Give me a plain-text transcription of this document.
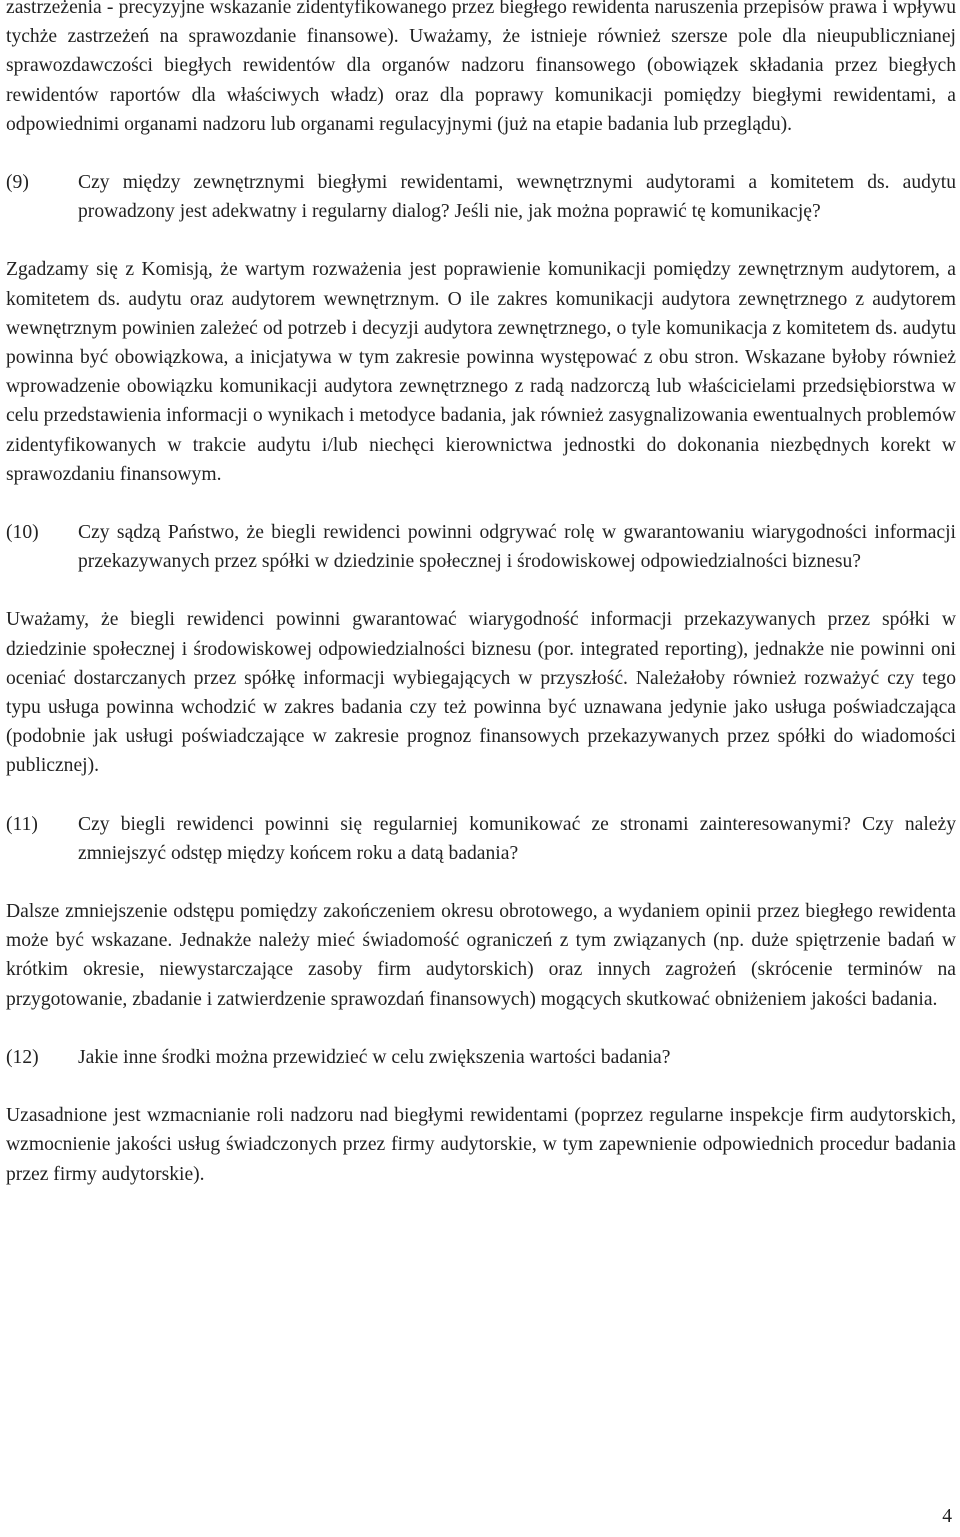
zastrzeżenia - precyzyjne wskazanie zidentyfikowanego przez biegłego rewidenta naruszenia przepisów prawa i wpływu tychże zastrzeżeń na sprawozdanie finansowe). Uważamy, że istnieje również szersze pole dla nieupublicznianej sprawozdawczości biegłych rewidentów dla organów nadzoru finansowego (obowiązek składania przez biegłych rewidentów raportów dla właściwych władz) oraz dla poprawy komunikacji pomiędzy biegłymi rewidentami, a odpowiednimi organami nadzoru lub organami regulacyjnymi (już na etapie badania lub przeglądu).

(9)	Czy między zewnętrznymi biegłymi rewidentami, wewnętrznymi audytorami a komitetem ds. audytu prowadzony jest adekwatny i regularny dialog? Jeśli nie, jak można poprawić tę komunikację?

Zgadzamy się z Komisją, że wartym rozważenia jest poprawienie komunikacji pomiędzy zewnętrznym audytorem, a komitetem ds. audytu oraz audytorem wewnętrznym. O ile zakres komunikacji audytora zewnętrznego z audytorem wewnętrznym powinien zależeć od potrzeb i decyzji audytora zewnętrznego, o tyle komunikacja z komitetem ds. audytu powinna być obowiązkowa, a inicjatywa w tym zakresie powinna występować z obu stron. Wskazane byłoby również wprowadzenie obowiązku komunikacji audytora zewnętrznego z radą nadzorczą lub właścicielami przedsiębiorstwa w celu przedstawienia informacji o wynikach i metodyce badania, jak również zasygnalizowania ewentualnych problemów zidentyfikowanych w trakcie audytu i/lub niechęci kierownictwa jednostki do dokonania niezbędnych korekt w sprawozdaniu finansowym.

(10)	Czy sądzą Państwo, że biegli rewidenci powinni odgrywać rolę w gwarantowaniu wiarygodności informacji przekazywanych przez spółki w dziedzinie społecznej i środowiskowej odpowiedzialności biznesu?

Uważamy, że biegli rewidenci powinni gwarantować wiarygodność informacji przekazywanych przez spółki w dziedzinie społecznej i środowiskowej odpowiedzialności biznesu (por. integrated reporting), jednakże nie powinni oni oceniać dostarczanych przez spółkę informacji wybiegających w przyszłość. Należałoby również rozważyć czy tego typu usługa powinna wchodzić w zakres badania czy też powinna być uznawana jedynie jako usługa poświadczająca (podobnie jak usługi poświadczające w zakresie prognoz finansowych przekazywanych przez spółki do wiadomości publicznej).

(11)	Czy biegli rewidenci powinni się regularniej komunikować ze stronami zainteresowanymi? Czy należy zmniejszyć odstęp między końcem roku a datą badania?

Dalsze zmniejszenie odstępu pomiędzy zakończeniem okresu obrotowego, a wydaniem opinii przez biegłego rewidenta może być wskazane. Jednakże należy mieć świadomość ograniczeń z tym związanych (np. duże spiętrzenie badań w krótkim okresie, niewystarczające zasoby firm audytorskich) oraz innych zagrożeń (skrócenie terminów na przygotowanie, zbadanie i zatwierdzenie sprawozdań finansowych) mogących skutkować obniżeniem jakości badania.

(12)	Jakie inne środki można przewidzieć w celu zwiększenia wartości badania?

Uzasadnione jest wzmacnianie roli nadzoru nad biegłymi rewidentami (poprzez regularne inspekcje firm audytorskich, wzmocnienie jakości usług świadczonych przez firmy audytorskie, w tym zapewnienie odpowiednich procedur badania przez firmy audytorskie).

4
